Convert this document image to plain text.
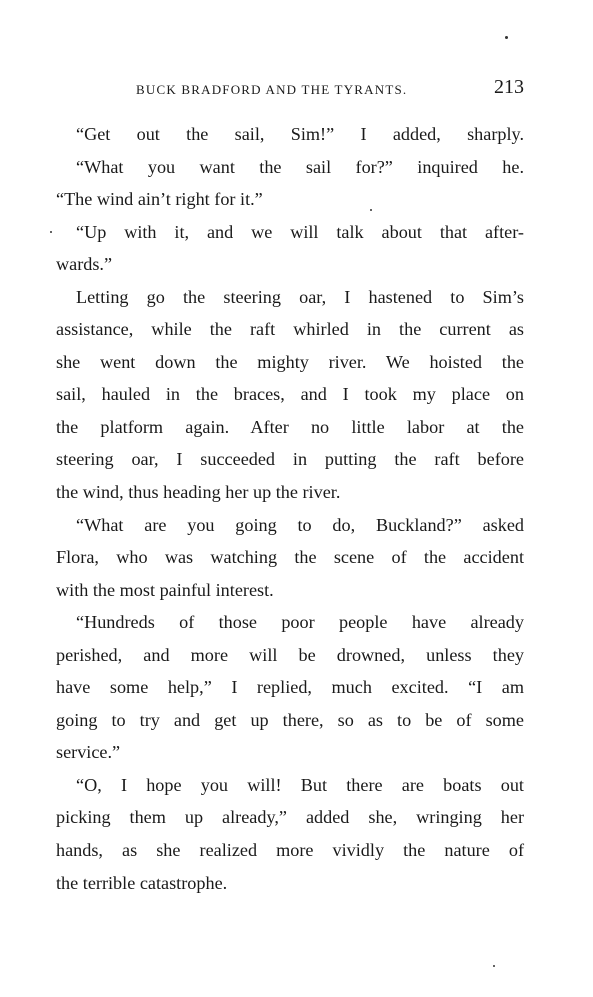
BUCK BRADFORD AND THE TYRANTS.	213
“Get out the sail, Sim!” I added, sharply.
“What you want the sail for?” inquired he.
“The wind ain’t right for it.”
“Up with it, and we will talk about that after-
wards.”
Letting go the steering oar, I hastened to Sim’s
assistance, while the raft whirled in the current as
she went down the mighty river. We hoisted the
sail, hauled in the braces, and I took my place on
the platform again. After no little labor at the
steering oar, I succeeded in putting the raft before
the wind, thus heading her up the river.
“What are you going to do, Buckland?” asked
Flora, who was watching the scene of the accident
with the most painful interest.
“Hundreds of those poor people have already
perished, and more will be drowned, unless they
have some help,” I replied, much excited. “I am
going to try and get up there, so as to be of some
service.”
“O, I hope you will! But there are boats out
picking them up already,” added she, wringing her
hands, as she realized more vividly the nature of
the terrible catastrophe.
